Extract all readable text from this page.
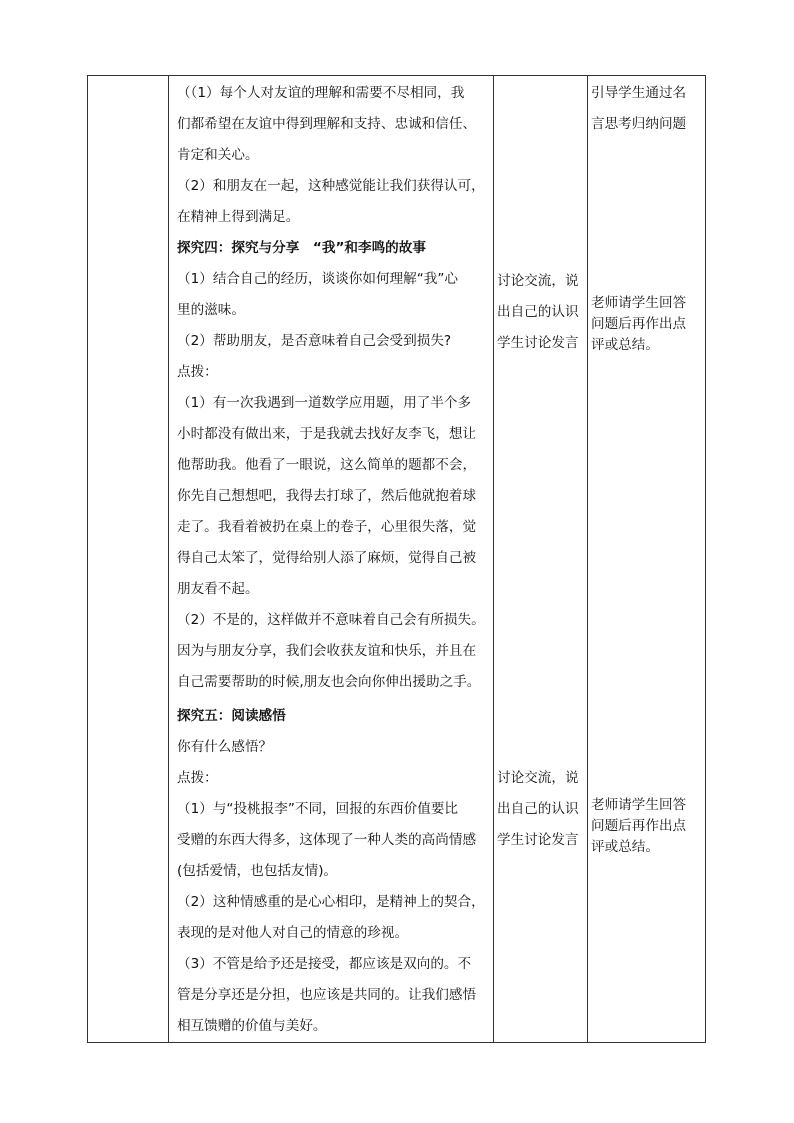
（（1）每个人对友谊的理解和需要不尽相同，我
们都希望在友谊中得到理解和支持、忠诚和信任、
肯定和关心。
（2）和朋友在一起，这种感觉能让我们获得认可，
在精神上得到满足。
探究四：探究与分享　“我”和李鸣的故事
（1）结合自己的经历，谈谈你如何理解“我”心
里的滋味。
（2）帮助朋友，是否意味着自己会受到损失?
点拨：
（1）有一次我遇到一道数学应用题，用了半个多
小时都没有做出来，于是我就去找好友李飞，想让
他帮助我。他看了一眼说，这么简单的题都不会，
你先自己想想吧，我得去打球了，然后他就抱着球
走了。我看着被扔在桌上的卷子，心里很失落，觉
得自己太笨了，觉得给别人添了麻烦，觉得自己被
朋友看不起。
（2）不是的，这样做并不意味着自己会有所损失。
因为与朋友分享，我们会收获友谊和快乐，并且在
自己需要帮助的时候,朋友也会向你伸出援助之手。
探究五：阅读感悟
你有什么感悟？
点拨：
（1）与“投桃报李”不同，回报的东西价值要比
受赠的东西大得多，这体现了一种人类的高尚情感
(包括爱情，也包括友情)。
（2）这种情感重的是心心相印，是精神上的契合，
表现的是对他人对自己的情意的珍视。
（3）不管是给予还是接受，都应该是双向的。不
管是分享还是分担，也应该是共同的。让我们感悟
相互馈赠的价值与美好。
讨论交流，说
出自己的认识
学生讨论发言
讨论交流，说
出自己的认识
学生讨论发言
引导学生通过名
言思考归纳问题
老师请学生回答
问题后再作出点
评或总结。
老师请学生回答
问题后再作出点
评或总结。
